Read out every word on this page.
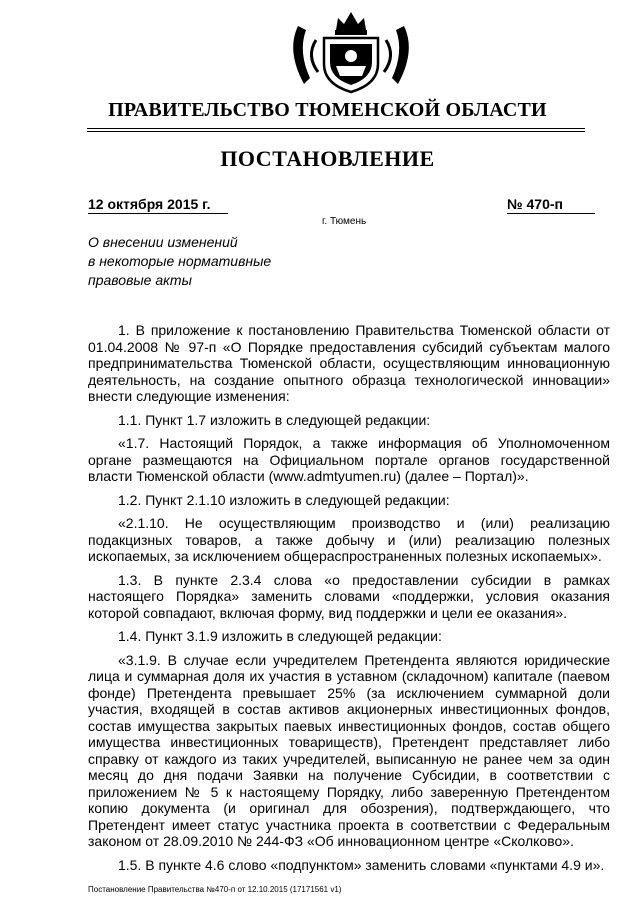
ПРАВИТЕЛЬСТВО ТЮМЕНСКОЙ ОБЛАСТИ
ПОСТАНОВЛЕНИЕ
12 октября 2015 г.	№ 470-п
г. Тюмень
О внесении изменений
в некоторые нормативные
правовые акты

1. В приложение к постановлению Правительства Тюменской области от 01.04.2008 № 97-п «О Порядке предоставления субсидий субъектам малого предпринимательства Тюменской области, осуществляющим инновационную деятельность, на создание опытного образца технологической инновации» внести следующие изменения:

1.1. Пункт 1.7 изложить в следующей редакции:

«1.7. Настоящий Порядок, а также информация об Уполномоченном органе размещаются на Официальном портале органов государственной власти Тюменской области (www.admtyumen.ru) (далее – Портал)».

1.2. Пункт 2.1.10 изложить в следующей редакции:

«2.1.10. Не осуществляющим производство и (или) реализацию подакцизных товаров, а также добычу и (или) реализацию полезных ископаемых, за исключением общераспространенных полезных ископаемых».

1.3. В пункте 2.3.4 слова «о предоставлении субсидии в рамках настоящего Порядка» заменить словами «поддержки, условия оказания которой совпадают, включая форму, вид поддержки и цели ее оказания».

1.4. Пункт 3.1.9 изложить в следующей редакции:

«3.1.9. В случае если учредителем Претендента являются юридические лица и суммарная доля их участия в уставном (складочном) капитале (паевом фонде) Претендента превышает 25% (за исключением суммарной доли участия, входящей в состав активов акционерных инвестиционных фондов, состав имущества закрытых паевых инвестиционных фондов, состав общего имущества инвестиционных товариществ), Претендент представляет либо справку от каждого из таких учредителей, выписанную не ранее чем за один месяц до дня подачи Заявки на получение Субсидии, в соответствии с приложением № 5 к настоящему Порядку, либо заверенную Претендентом копию документа (и оригинал для обозрения), подтверждающего, что Претендент имеет статус участника проекта в соответствии с Федеральным законом от 28.09.2010 № 244-ФЗ «Об инновационном центре «Сколково».

1.5. В пункте 4.6 слово «подпунктом» заменить словами «пунктами 4.9 и».

Постановление Правительства №470-п от 12.10.2015 (17171561 v1)
